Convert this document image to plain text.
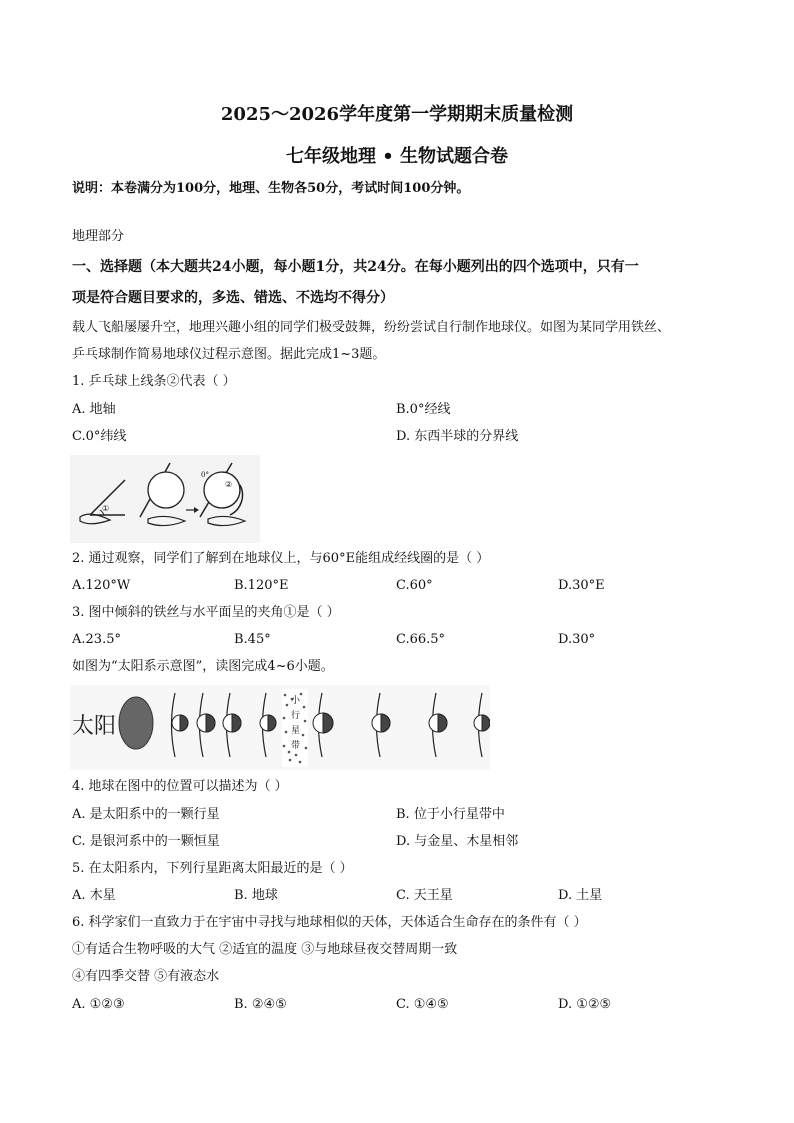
2025～2026学年度第一学期期末质量检测
七年级地理 • 生物试题合卷
说明：本卷满分为100分，地理、生物各50分，考试时间100分钟。
地理部分
一、选择题（本大题共24小题，每小题1分，共24分。在每小题列出的四个选项中，只有一
项是符合题目要求的，多选、错选、不选均不得分）
载人飞船屡屡升空，地理兴趣小组的同学们极受鼓舞，纷纷尝试自行制作地球仪。如图为某同学用铁丝、
乒乓球制作简易地球仪过程示意图。据此完成1~3题。
1. 乒乓球上线条②代表（ ）
A. 地轴	B.0°经线
C.0°纬线	D. 东西半球的分界线
①
0°
②
2. 通过观察，同学们了解到在地球仪上，与60°E能组成经线圈的是（ ）
A.120°W	B.120°E	C.60°	D.30°E
3. 图中倾斜的铁丝与水平面呈的夹角①是（ ）
A.23.5°	B.45°	C.66.5°	D.30°
如图为“太阳系示意图”，读图完成4~6小题。
太阳
小
行
星
带
4. 地球在图中的位置可以描述为（ ）
A. 是太阳系中的一颗行星	B. 位于小行星带中
C. 是银河系中的一颗恒星	D. 与金星、木星相邻
5. 在太阳系内，下列行星距离太阳最近的是（ ）
A. 木星	B. 地球	C. 天王星	D. 土星
6. 科学家们一直致力于在宇宙中寻找与地球相似的天体，天体适合生命存在的条件有（ ）
①有适合生物呼吸的大气 ②适宜的温度 ③与地球昼夜交替周期一致
④有四季交替 ⑤有液态水
A. ①②③	B. ②④⑤	C. ①④⑤	D. ①②⑤
